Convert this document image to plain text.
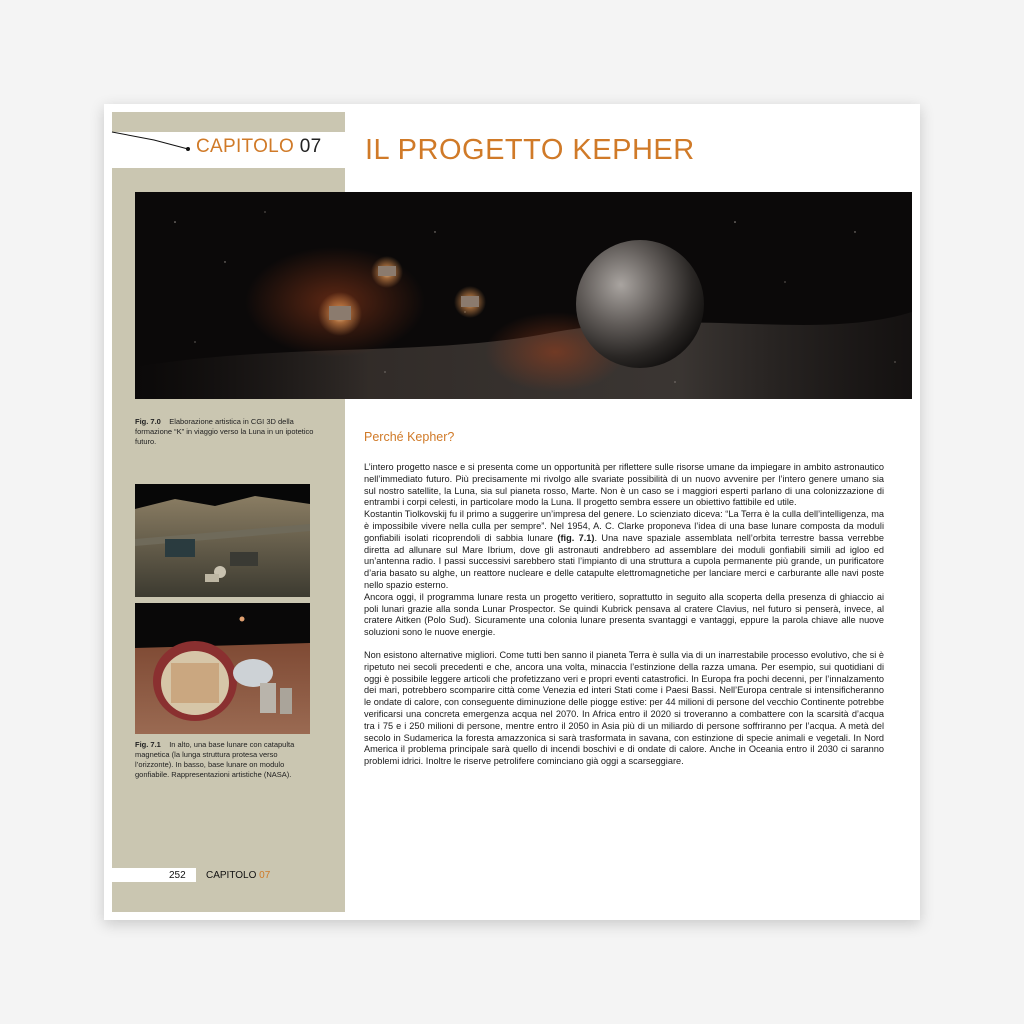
CAPITOLO 07 IL PROGETTO KEPHER
Fig. 7.0 Elaborazione artistica in CGI 3D della formazione “K” in viaggio verso la Luna in un ipotetico futuro.
Fig. 7.1 In alto, una base lunare con catapulta magnetica (la lunga struttura protesa verso l’orizzonte). In basso, base lunare on modulo gonfiabile. Rappresentazioni artistiche (NASA).
Perché Kepher?

L’intero progetto nasce e si presenta come un opportunità per riflettere sulle risorse umane da impiegare in ambito astronautico nell’immediato futuro. Più precisamente mi rivolgo alle svariate possibilità di un nuovo avvenire per l’intero genere umano sia sul nostro satellite, la Luna, sia sul pianeta rosso, Marte. Non è un caso se i maggiori esperti parlano di una colonizzazione di entrambi i corpi celesti, in particolare modo la Luna. Il progetto sembra essere un obiettivo fattibile ed utile.

Kostantin Tiolkovskij fu il primo a suggerire un’impresa del genere. Lo scienziato diceva: “La Terra è la culla dell’intelligenza, ma è impossibile vivere nella culla per sempre”. Nel 1954, A. C. Clarke proponeva l’idea di una base lunare composta da moduli gonfiabili isolati ricoprendoli di sabbia lunare (fig. 7.1). Una nave spaziale assemblata nell’orbita terrestre bassa verrebbe diretta ad allunare sul Mare Ibrium, dove gli astronauti andrebbero ad assemblare dei moduli gonfiabili simili ad igloo ed un’antenna radio. I passi successivi sarebbero stati l’impianto di una struttura a cupola permanente più grande, un purificatore d’aria basato su alghe, un reattore nucleare e delle catapulte elettromagnetiche per lanciare merci e carburante alle navi poste nello spazio esterno.

Ancora oggi, il programma lunare resta un progetto veritiero, soprattutto in seguito alla scoperta della presenza di ghiaccio ai poli lunari grazie alla sonda Lunar Prospector. Se quindi Kubrick pensava al cratere Clavius, nel futuro si penserà, invece, al cratere Aitken (Polo Sud). Sicuramente una colonia lunare presenta svantaggi e vantaggi, eppure la parola chiave alle nuove soluzioni sono le nuove energie.

Non esistono alternative migliori. Come tutti ben sanno il pianeta Terra è sulla via di un inarrestabile processo evolutivo, che si è ripetuto nei secoli precedenti e che, ancora una volta, minaccia l’estinzione della razza umana. Per esempio, sui quotidiani di oggi è possibile leggere articoli che profetizzano veri e propri eventi catastrofici. In Europa fra pochi decenni, per l’innalzamento dei mari, potrebbero scomparire città come Venezia ed interi Stati come i Paesi Bassi. Nell’Europa centrale si intensificheranno le ondate di calore, con conseguente diminuzione delle piogge estive: per 44 milioni di persone del vecchio Continente potrebbe verificarsi una concreta emergenza acqua nel 2070. In Africa entro il 2020 si troveranno a combattere con la scarsità d’acqua tra i 75 e i 250 milioni di persone, mentre entro il 2050 in Asia più di un miliardo di persone soffriranno per l’acqua. A metà del secolo in Sudamerica la foresta amazzonica si sarà trasformata in savana, con estinzione di specie animali e vegetali. In Nord America il problema principale sarà quello di incendi boschivi e di ondate di calore. Anche in Oceania entro il 2030 ci saranno problemi idrici. Inoltre le riserve petrolifere cominciano già oggi a scarseggiare.

252 CAPITOLO 07
